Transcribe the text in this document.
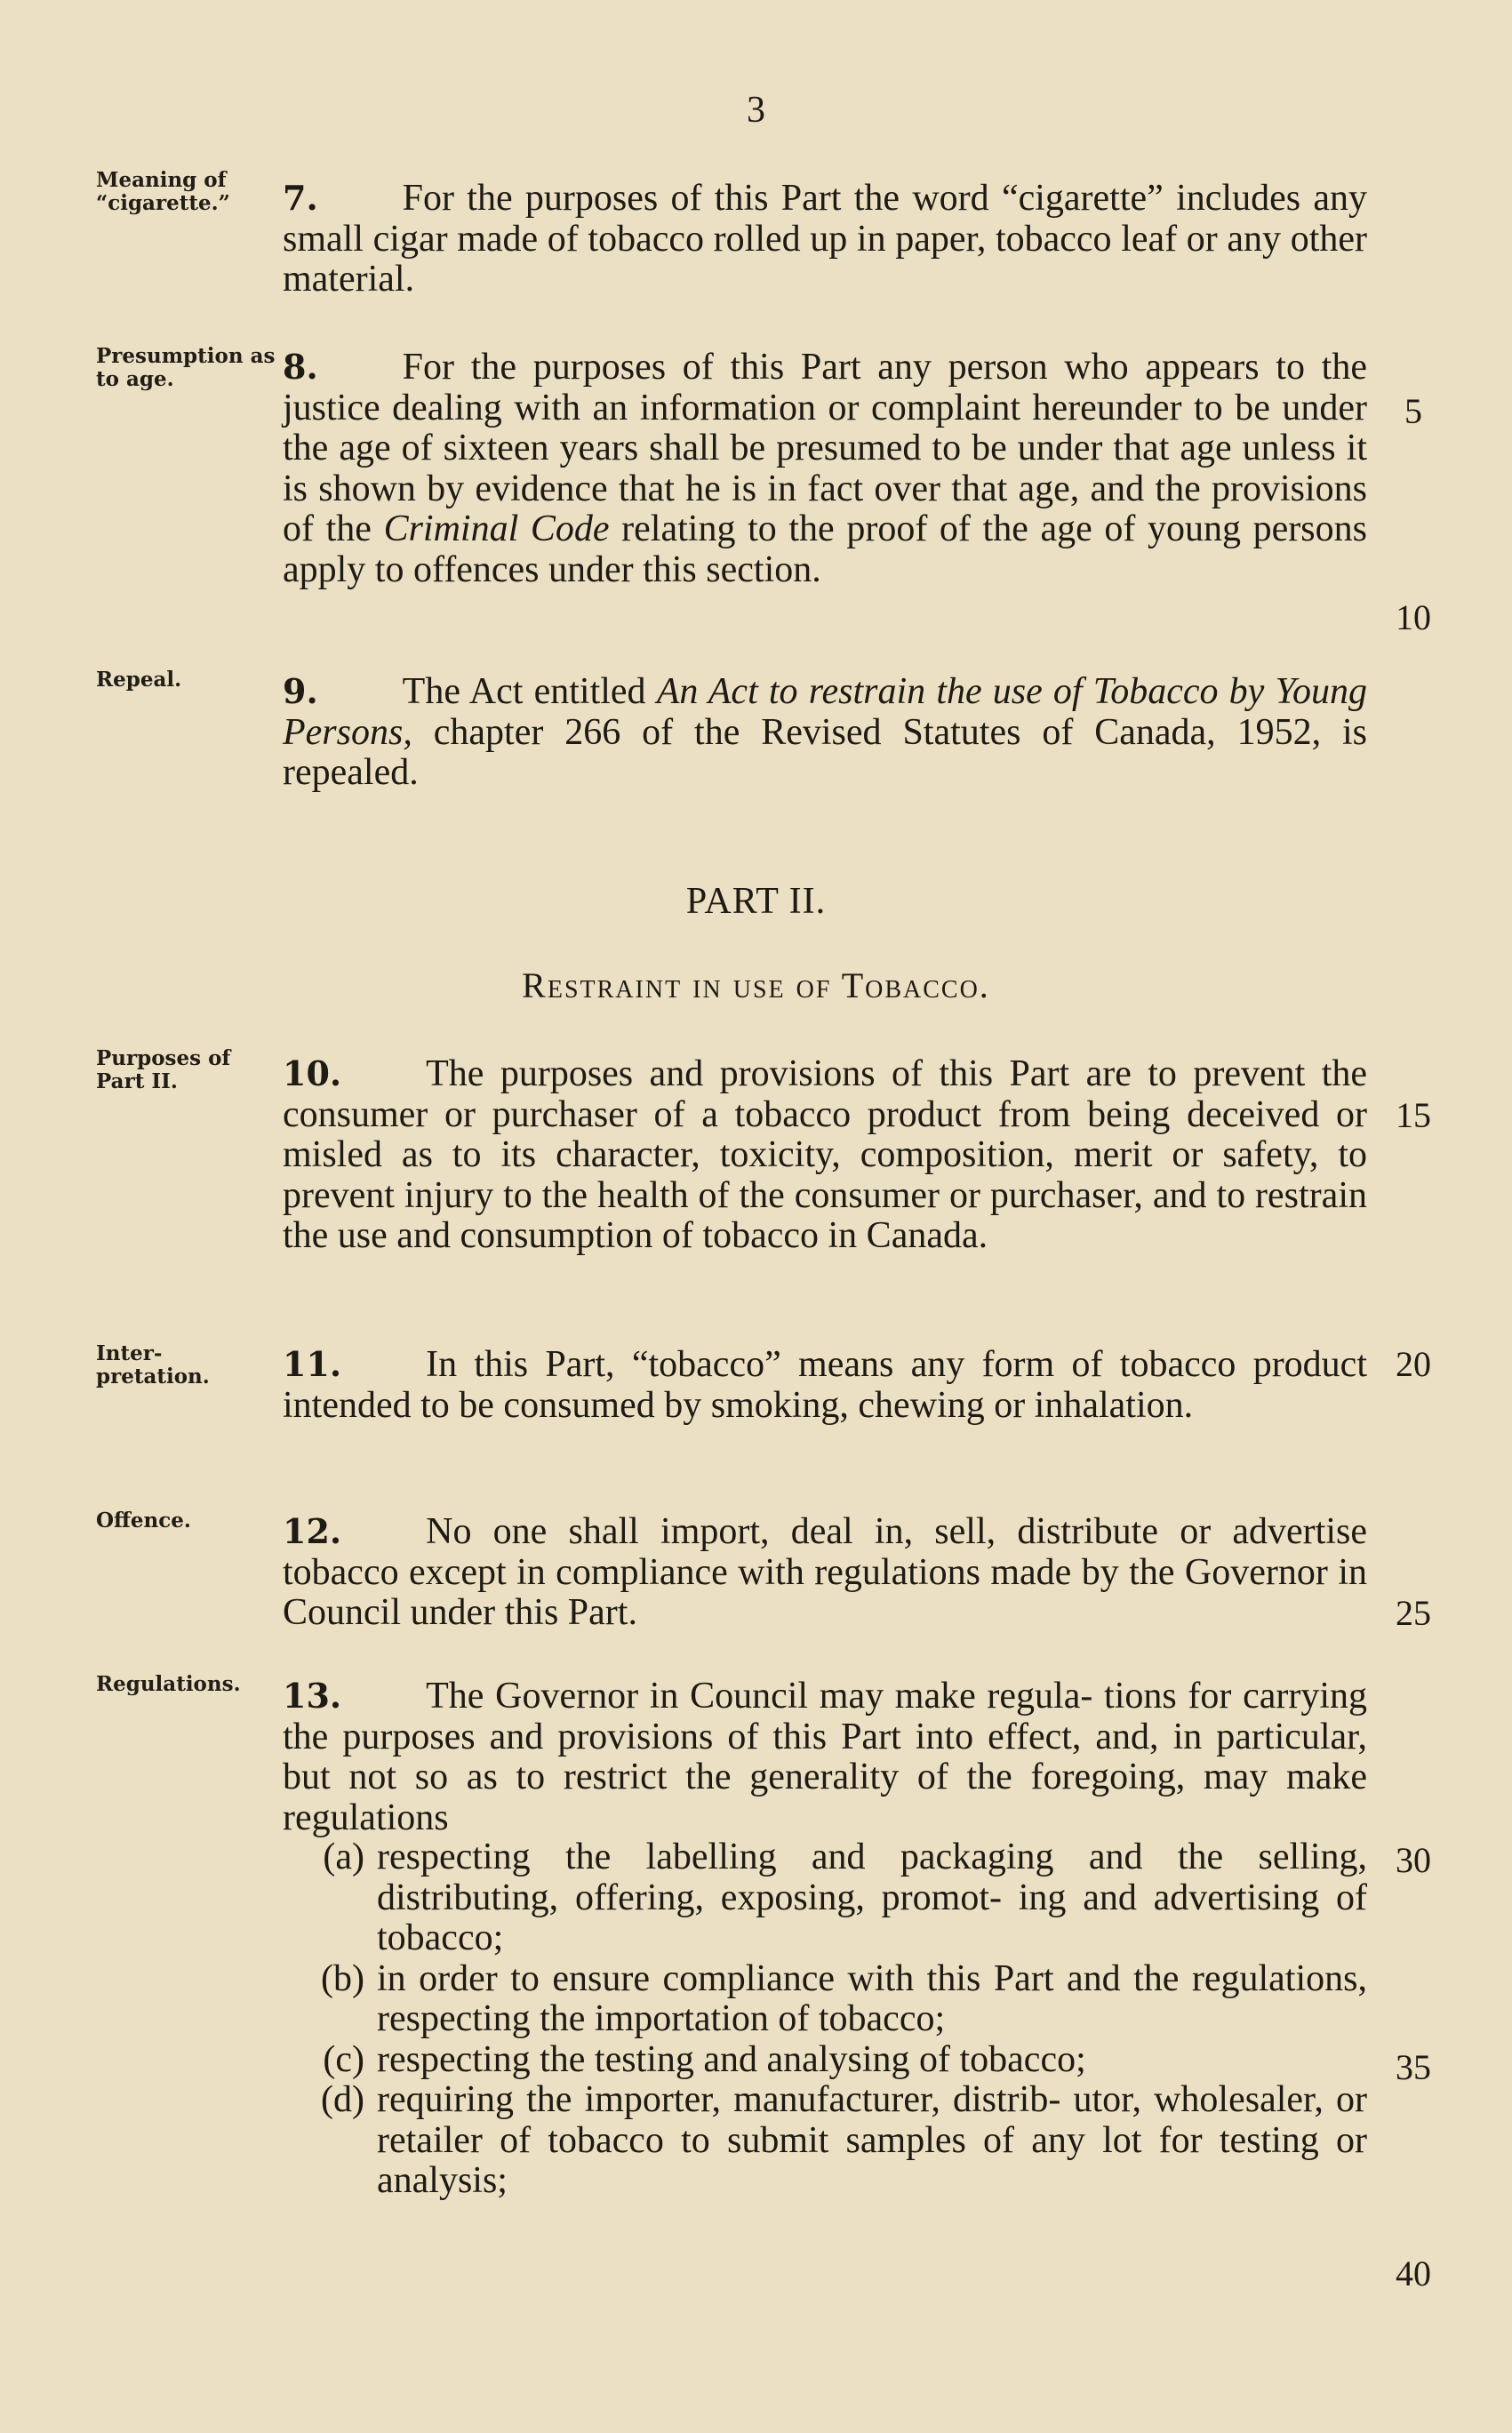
3
Meaning of “cigarette.”	7. For the purposes of this Part the word “cigarette” includes any small cigar made of tobacco rolled up in paper, tobacco leaf or any other material.

Presumption as to age.	8. For the purposes of this Part any person who appears to the justice dealing with an information or complaint hereunder to be under the age of sixteen years shall be presumed to be under that age unless it is shown by evidence that he is in fact over that age, and the provisions of the Criminal Code relating to the proof of the age of young persons apply to offences under this section.

5
10
Repeal.	9. The Act entitled An Act to restrain the use of Tobacco by Young Persons, chapter 266 of the Revised Statutes of Canada, 1952, is repealed.

PART II.
Restraint in use of Tobacco.
Purposes of Part II.	10. The purposes and provisions of this Part are to prevent the consumer or purchaser of a tobacco product from being deceived or misled as to its character, toxicity, composition, merit or safety, to prevent injury to the health of the consumer or purchaser, and to restrain the use and consumption of tobacco in Canada.

15
Inter- pretation.	11. In this Part, “tobacco” means any form of tobacco product intended to be consumed by smoking, chewing or inhalation.

20
Offence.	12. No one shall import, deal in, sell, distribute or advertise tobacco except in compliance with regulations made by the Governor in Council under this Part.	25
Regulations.	13. The Governor in Council may make regula- tions for carrying the purposes and provisions of this Part into effect, and, in particular, but not so as to restrict the generality of the foregoing, may make regulations

(a) respecting the labelling and packaging and the selling, distributing, offering, exposing, promot- ing and advertising of tobacco;
(b) in order to ensure compliance with this Part and the regulations, respecting the importation of tobacco;
(c) respecting the testing and analysing of tobacco;
(d) requiring the importer, manufacturer, distrib- utor, wholesaler, or retailer of tobacco to submit samples of any lot for testing or analysis;
30
35
40
